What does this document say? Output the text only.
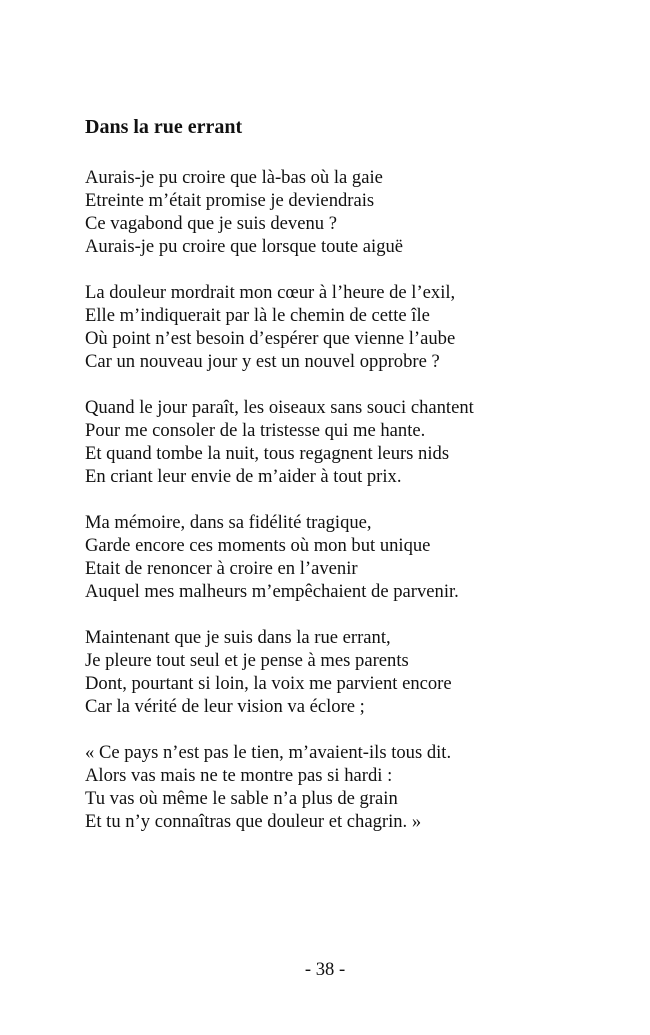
Dans la rue errant
Aurais-je pu croire que là-bas où la gaie
Etreinte m’était promise je deviendrais
Ce vagabond que je suis devenu ?
Aurais-je pu croire que lorsque toute aiguë
La douleur mordrait mon cœur à l’heure de l’exil,
Elle m’indiquerait par là le chemin de cette île
Où point n’est besoin d’espérer que vienne l’aube
Car un nouveau jour y est un nouvel opprobre ?
Quand le jour paraît, les oiseaux sans souci chantent
Pour me consoler de la tristesse qui me hante.
Et quand tombe la nuit, tous regagnent leurs nids
En criant leur envie de m’aider à tout prix.
Ma mémoire, dans sa fidélité tragique,
Garde encore ces moments où mon but unique
Etait de renoncer à croire en l’avenir
Auquel mes malheurs m’empêchaient de parvenir.
Maintenant que je suis dans la rue errant,
Je pleure tout seul et je pense à mes parents
Dont, pourtant si loin, la voix me parvient encore
Car la vérité de leur vision va éclore ;
« Ce pays n’est pas le tien, m’avaient-ils tous dit.
Alors vas mais ne te montre pas si hardi :
Tu vas où même le sable n’a plus de grain
Et tu n’y connaîtras que douleur et chagrin. »
- 38 -
